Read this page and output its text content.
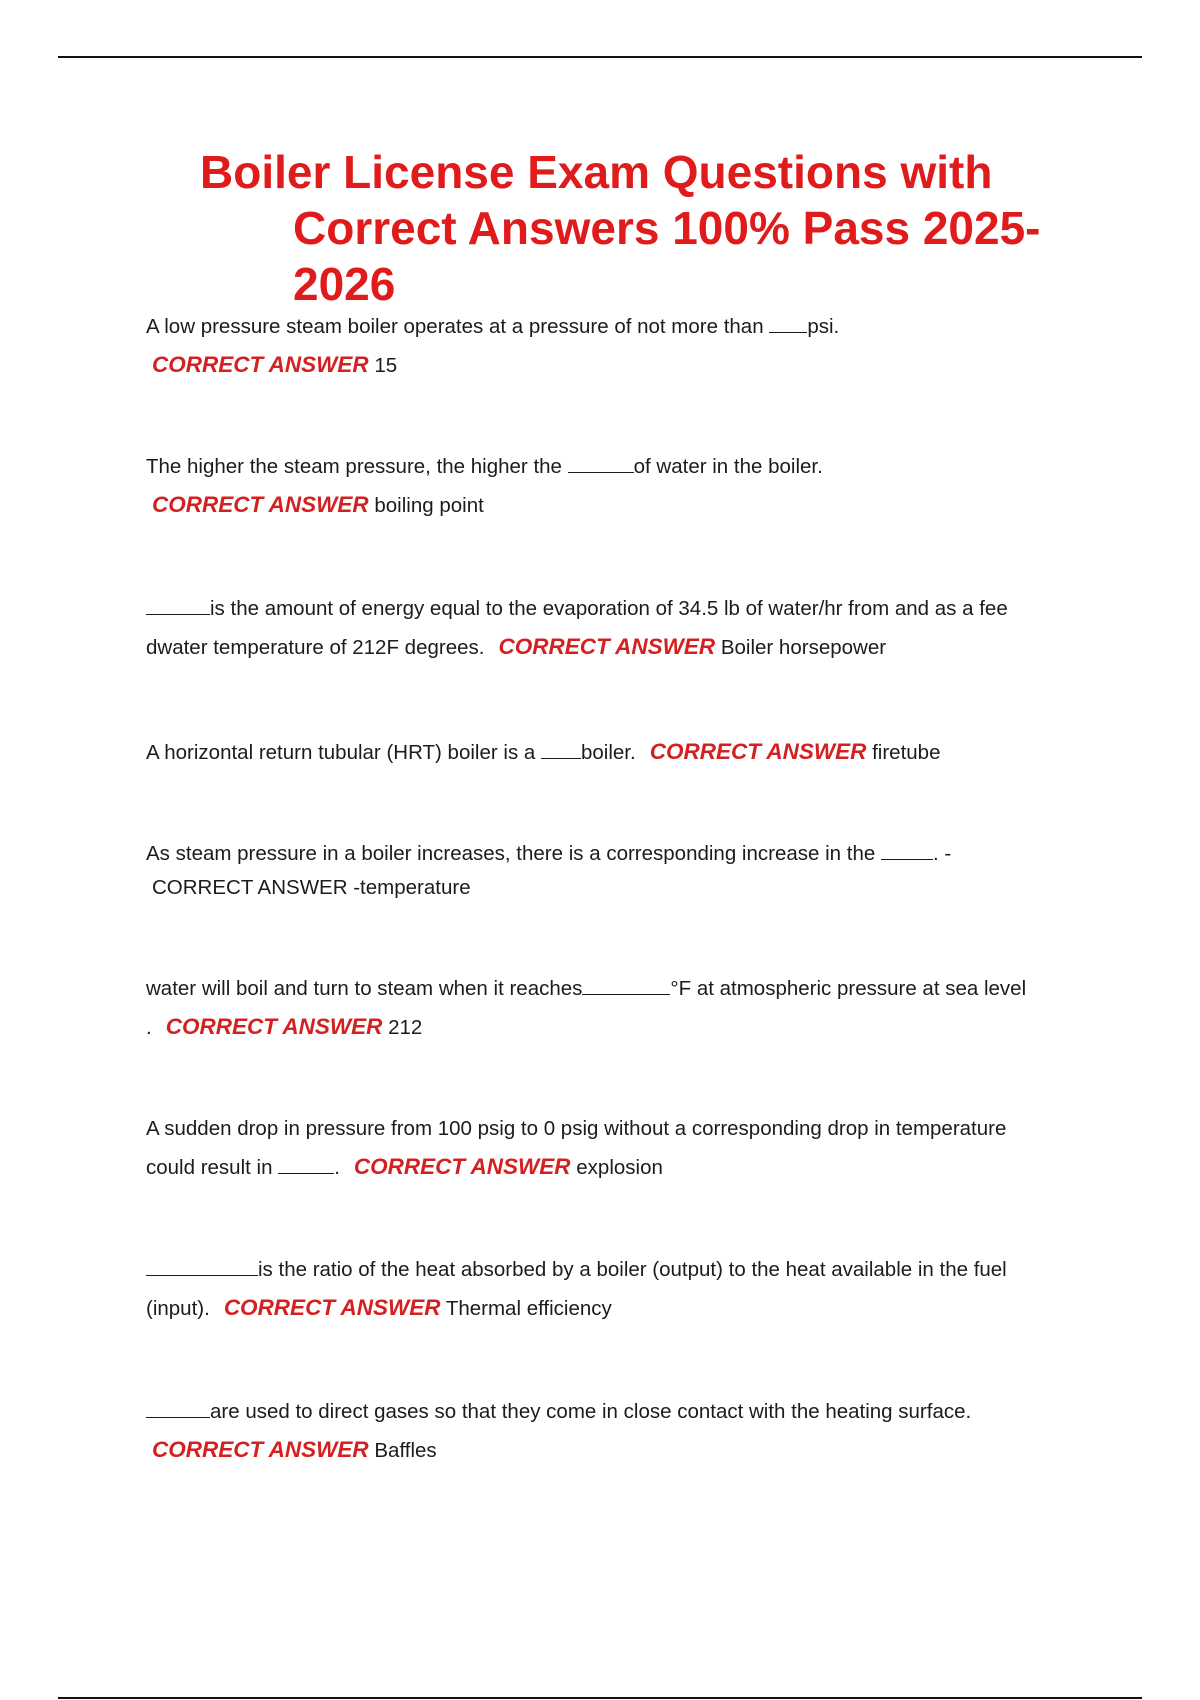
Boiler License Exam Questions with
Correct Answers 100% Pass 2025-
2026
A low pressure steam boiler operates at a pressure of not more than psi.
CORRECT ANSWER 15
The higher the steam pressure, the higher the	of water in the boiler.
CORRECT ANSWER boiling point
is the amount of energy equal to the evaporation of 34.5 lb of water/hr from and as a fee
dwater temperature of 212F degrees. CORRECT ANSWER Boiler horsepower
A horizontal return tubular (HRT) boiler is a boiler. CORRECT ANSWER firetube
As steam pressure in a boiler increases, there is a corresponding increase in the	. -
CORRECT ANSWER -temperature
water will boil and turn to steam when it reaches	°F at atmospheric pressure at sea level
. CORRECT ANSWER 212
A sudden drop in pressure from 100 psig to 0 psig without a corresponding drop in temperature
could result in	. CORRECT ANSWER explosion
is the ratio of the heat absorbed by a boiler (output) to the heat available in the fuel
(input). CORRECT ANSWER Thermal efficiency
are used to direct gases so that they come in close contact with the heating surface.
CORRECT ANSWER Baffles
